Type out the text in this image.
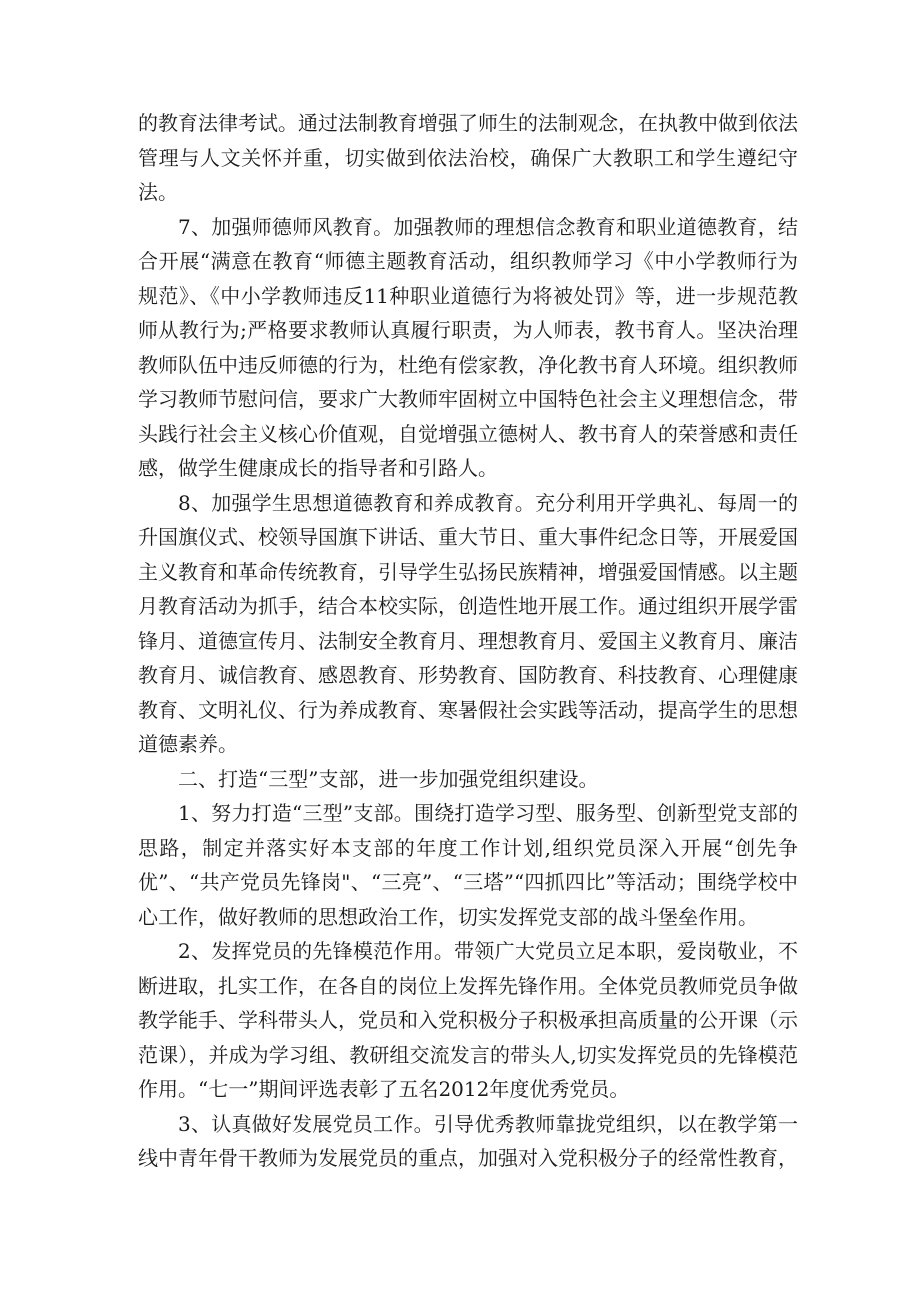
的教育法律考试。通过法制教育增强了师生的法制观念，在执教中做到依法管理与人文关怀并重，切实做到依法治校，确保广大教职工和学生遵纪守法。

7、加强师德师风教育。加强教师的理想信念教育和职业道德教育，结合开展“满意在教育“师德主题教育活动，组织教师学习《中小学教师行为规范》、《中小学教师违反11种职业道德行为将被处罚》等，进一步规范教师从教行为;严格要求教师认真履行职责，为人师表，教书育人。坚决治理教师队伍中违反师德的行为，杜绝有偿家教，净化教书育人环境。组织教师学习教师节慰问信，要求广大教师牢固树立中国特色社会主义理想信念，带头践行社会主义核心价值观，自觉增强立德树人、教书育人的荣誉感和责任感，做学生健康成长的指导者和引路人。

8、加强学生思想道德教育和养成教育。充分利用开学典礼、每周一的升国旗仪式、校领导国旗下讲话、重大节日、重大事件纪念日等，开展爱国主义教育和革命传统教育，引导学生弘扬民族精神，增强爱国情感。以主题月教育活动为抓手，结合本校实际，创造性地开展工作。通过组织开展学雷锋月、道德宣传月、法制安全教育月、理想教育月、爱国主义教育月、廉洁教育月、诚信教育、感恩教育、形势教育、国防教育、科技教育、心理健康教育、文明礼仪、行为养成教育、寒暑假社会实践等活动，提高学生的思想道德素养。

二、打造“三型”支部，进一步加强党组织建设。

1、努力打造“三型”支部。围绕打造学习型、服务型、创新型党支部的思路，制定并落实好本支部的年度工作计划,组织党员深入开展“创先争优”、“共产党员先锋岗"、“三亮”、“三塔”“四抓四比”等活动；围绕学校中心工作，做好教师的思想政治工作，切实发挥党支部的战斗堡垒作用。

2、发挥党员的先锋模范作用。带领广大党员立足本职，爱岗敬业，不断进取，扎实工作，在各自的岗位上发挥先锋作用。全体党员教师党员争做教学能手、学科带头人，党员和入党积极分子积极承担高质量的公开课（示范课），并成为学习组、教研组交流发言的带头人,切实发挥党员的先锋模范作用。“七一”期间评选表彰了五名2012年度优秀党员。

3、认真做好发展党员工作。引导优秀教师靠拢党组织，以在教学第一线中青年骨干教师为发展党员的重点，加强对入党积极分子的经常性教育，
